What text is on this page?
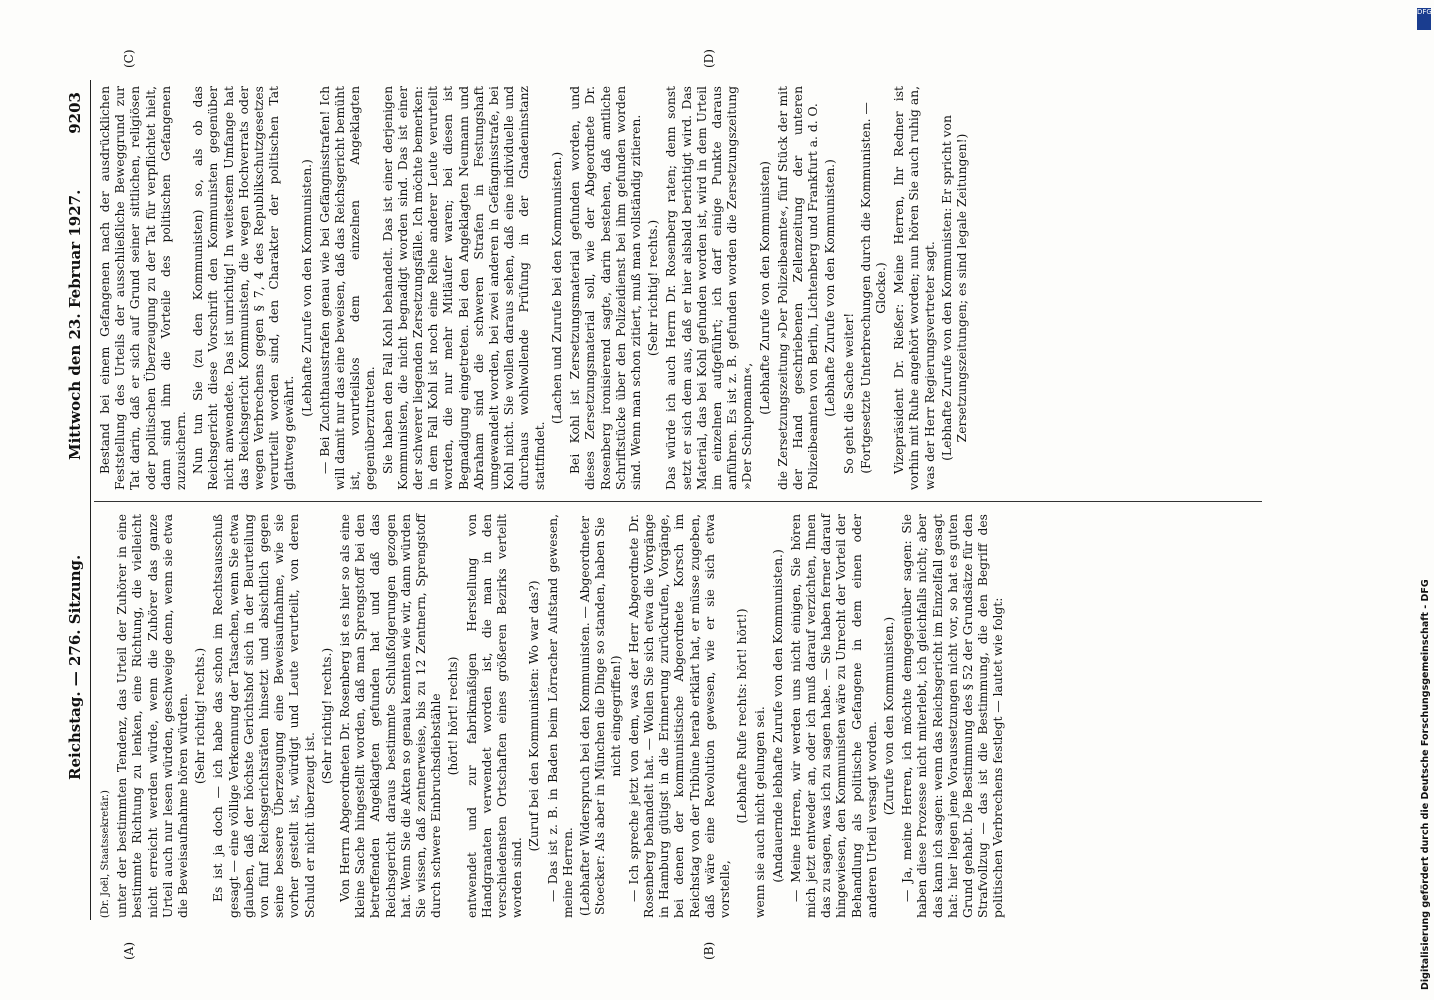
Reichstag. — 276. Sitzung.
Mittwoch den 23. Februar 1927.
9203
(A)	(B)
(C)	(D)

(Dr. Joël, Staatssekretär.) unter der bestimmten Tendenz, das Urteil der Zuhörer in eine bestimmte Richtung zu lenken, eine Richtung, die vielleicht nicht erreicht werden würde, wenn die Zuhörer das ganze Urteil auch nur lesen würden, geschweige denn, wenn sie etwa die Beweisaufnahme hören würden. (Sehr richtig! rechts.) Es ist ja doch — ich habe das schon im Rechtsausschuß gesagt — eine völlige Verkennung der Tatsachen, wenn Sie etwa glauben, daß der höchste Gerichtshof sich in der Beurteilung von fünf Reichsgerichtsräten hinsetzt und absichtlich gegen seine bessere Überzeugung eine Beweisaufnahme, wie sie vorher gestellt ist, würdigt und Leute verurteilt, von deren Schuld er nicht überzeugt ist.

(Sehr richtig! rechts.) Von Herrn Abgeordneten Dr. Rosenberg ist es hier so als eine kleine Sache hingestellt worden, daß man Sprengstoff bei den betreffenden Angeklagten gefunden hat und daß das Reichsgericht daraus bestimmte Schlußfolgerungen gezogen hat. Wenn Sie die Akten so genau kennten wie wir, dann würden Sie wissen, daß zentnerweise, bis zu 12 Zentnern, Sprengstoff durch schwere Einbruchsdiebstähle (hört! hört! rechts) entwendet und zur fabrikmäßigen Herstellung von Handgranaten verwendet worden ist, die man in den verschiedensten Ortschaften eines größeren Bezirks verteilt worden sind.

(Zuruf bei den Kommunisten: Wo war das?) — Das ist z. B. in Baden beim Lörracher Aufstand gewesen, meine Herren. (Lebhafter Widerspruch bei den Kommunisten. — Abgeordneter Stoecker: Als aber in München die Dinge so standen, haben Sie nicht eingegriffen!) — Ich spreche jetzt von dem, was der Herr Abgeordnete Dr. Rosenberg behandelt hat. — Wollen Sie sich etwa die Vorgänge in Hamburg gütigst in die Erinnerung zurückrufen, Vorgänge, bei denen der kommunistische Abgeordnete Korsch im Reichstag von der Tribüne herab erklärt hat, er müsse zugeben, daß wäre eine Revolution gewesen, wie er sie sich etwa vorstelle,

(Lebhafte Rufe rechts: hört! hört!) wenn sie auch nicht gelungen sei. (Andauernde lebhafte Zurufe von den Kommunisten.) — Meine Herren, wir werden uns nicht einigen, Sie hören mich jetzt entweder an, oder ich muß darauf verzichten, Ihnen das zu sagen, was ich zu sagen habe. — Sie haben ferner darauf hingewiesen, den Kommunisten wäre zu Unrecht der Vorteil der Behandlung als politische Gefangene in dem einen oder anderen Urteil versagt worden.

(Zurufe von den Kommunisten.) — Ja, meine Herren, ich möchte demgegenüber sagen: Sie haben diese Prozesse nicht miterlebt, ich gleichfalls nicht; aber das kann ich sagen: wenn das Reichsgericht im Einzelfall gesagt hat: hier liegen jene Voraussetzungen nicht vor, so hat es guten Grund gehabt. Die Bestimmung des § 52 der Grundsätze für den Strafvollzug — das ist die Bestimmung, die den Begriff des politischen Verbrechens festlegt — lautet wie folgt:

Bestand bei einem Gefangenen nach der ausdrücklichen Feststellung des Urteils der ausschließliche Beweggrund zur Tat darin, daß er sich auf Grund seiner sittlichen, religiösen oder politischen Überzeugung zu der Tat für verpflichtet hielt, dann sind ihm die Vorteile des politischen Gefangenen zuzusichern. Nun tun Sie (zu den Kommunisten) so, als ob das Reichsgericht diese Vorschrift den Kommunisten gegenüber nicht anwendete. Das ist unrichtig! In weitestem Umfange hat das Reichsgericht Kommunisten, die wegen Hochverrats oder wegen Verbrechens gegen § 7, 4 des Republikschutzgesetzes verurteilt worden sind, den Charakter der politischen Tat glattweg gewährt.

(Lebhafte Zurufe von den Kommunisten.) — Bei Zuchthausstrafen genau wie bei Gefängnisstrafen! Ich will damit nur das eine beweisen, daß das Reichsgericht bemüht ist, vorurteilslos dem einzelnen Angeklagten gegenüberzutreten. Sie haben den Fall Kohl behandelt. Das ist einer derjenigen Kommunisten, die nicht begnadigt worden sind. Das ist einer der schwerer liegenden Zersetzungsfälle. Ich möchte bemerken: in dem Fall Kohl ist noch eine Reihe anderer Leute verurteilt worden, die nur mehr Mitläufer waren; bei diesen ist Begnadigung eingetreten. Bei den Angeklagten Neumann und Abraham sind die schweren Strafen in Festungshaft umgewandelt worden, bei zwei anderen in Gefängnisstrafe, bei Kohl nicht. Sie wollen daraus sehen, daß eine individuelle und durchaus wohlwollende Prüfung in der Gnadeninstanz stattfindet.

(Lachen und Zurufe bei den Kommunisten.) Bei Kohl ist Zersetzungsmaterial gefunden worden, und dieses Zersetzungsmaterial soll, wie der Abgeordnete Dr. Rosenberg ironisierend sagte, darin bestehen, daß amtliche Schriftstücke über den Polizeidienst bei ihm gefunden worden sind. Wenn man schon zitiert, muß man vollständig zitieren. (Sehr richtig! rechts.) Das würde ich auch Herrn Dr. Rosenberg raten; denn sonst setzt er sich dem aus, daß er hier alsbald berichtigt wird. Das Material, das bei Kohl gefunden worden ist, wird in dem Urteil im einzelnen aufgeführt; ich darf einige Punkte daraus anführen. Es ist z. B. gefunden worden die Zersetzungszeitung »Der Schupomann«,

(Lebhafte Zurufe von den Kommunisten) die Zersetzungszeitung »Der Polizeibeamte«, fünf Stück der mit der Hand geschriebenen Zellenzeitung der unteren Polizeibeamten von Berlin, Lichtenberg und Frankfurt a. d. O. (Lebhafte Zurufe von den Kommunisten.) So geht die Sache weiter! (Fortgesetzte Unterbrechungen durch die Kommunisten. — Glocke.) Vizepräsident Dr. Rießer: Meine Herren, Ihr Redner ist vorhin mit Ruhe angehört worden; nun hören Sie auch ruhig an, was der Herr Regierungsvertreter sagt. (Lebhafte Zurufe von den Kommunisten: Er spricht von Zersetzungszeitungen; es sind legale Zeitungen!)

DFG
Digitalisierung gefördert durch die Deutsche Forschungsgemeinschaft - DFG
